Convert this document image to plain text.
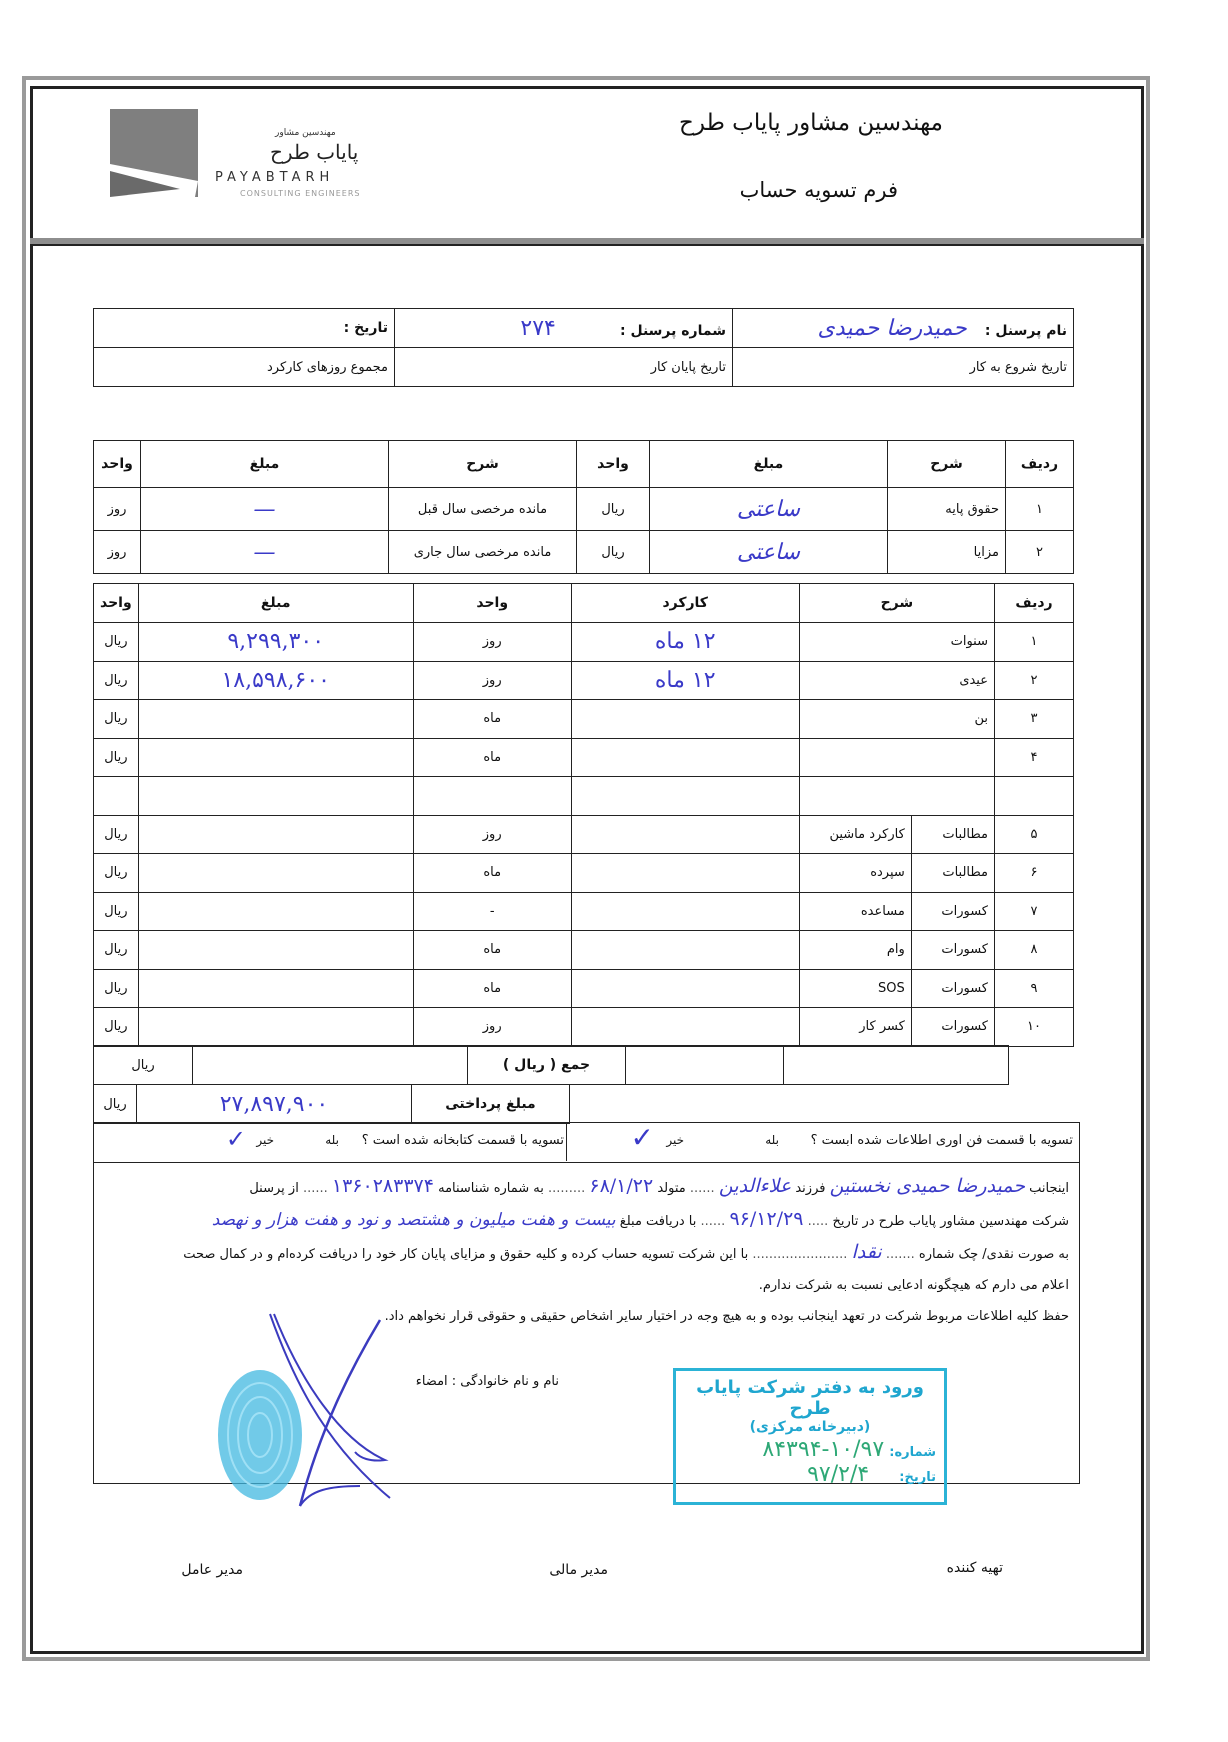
مهندسین مشاور پایاب طرح
فرم تسویه حساب
مهندسین مشاور
پایاب طرح
PAYABTARH
CONSULTING ENGINEERS
نام پرسنل : حمیدرضا حمیدی	شماره پرسنل : ۲۷۴	تاریخ :
تاریخ شروع به کار	تاریخ پایان کار	مجموع روزهای کارکرد
ردیف	شرح	مبلغ	واحد	شرح	مبلغ	واحد
۱	حقوق پایه	ساعتی	ریال	مانده مرخصی سال قبل	—	روز
۲	مزایا	ساعتی	ریال	مانده مرخصی سال جاری	—	روز
ردیف	شرح		کارکرد	واحد	مبلغ	واحد
۱	سنوات		۱۲ ماه	روز	۹,۲۹۹,۳۰۰	ریال
۲	عیدی		۱۲ ماه	روز	۱۸,۵۹۸,۶۰۰	ریال
۳	بن			ماه		ریال
۴				ماه		ریال

۵	مطالبات	کارکرد ماشین		روز		ریال
۶	مطالبات	سپرده		ماه		ریال
۷	کسورات	مساعده		-		ریال
۸	کسورات	وام		ماه		ریال
۹	کسورات	SOS		ماه		ریال
۱۰	کسورات	کسر کار		روز		ریال
		جمع ( ریال )		ریال
مبلغ پرداختی	۲۷,۸۹۷,۹۰۰	ریال
تسویه با قسمت فن اوری اطلاعات شده ابست ؟
بله
خیر
✓
تسویه با قسمت کتابخانه شده است ؟
بله
خیر
✓
اینجانب حمیدرضا حمیدی نخستین فرزند علاءالدین ...... متولد ۶۸/۱/۲۲ ......... به شماره شناسنامه ۱۳۶۰۲۸۳۳۷۴ ...... از پرسنل
شرکت مهندسین مشاور پایاب طرح در تاریخ ..... ۹۶/۱۲/۲۹ ...... با دریافت مبلغ بیست و هفت میلیون و هشتصد و نود و هفت هزار و نهصد
به صورت نقدی/ چک شماره ....... نقدا ....................... با این شرکت تسویه حساب کرده و کلیه حقوق و مزایای پایان کار خود را دریافت کرده‌ام و در کمال صحت
اعلام می دارم که هیچگونه ادعایی نسبت به شرکت ندارم.
حفظ کلیه اطلاعات مربوط شرکت در تعهد اینجانب بوده و به هیچ وجه در اختیار سایر اشخاص حقیقی و حقوقی قرار نخواهم داد.
نام و نام خانوادگی : امضاء	ورود به دفتر شرکت پایاب طرح
(دبیرخانه مرکزی)
شماره: ۱۰/۹۷-۸۴۳۹۴
تاریخ: ۹۷/۲/۴
تهیه کننده
مدیر مالی
مدیر عامل
